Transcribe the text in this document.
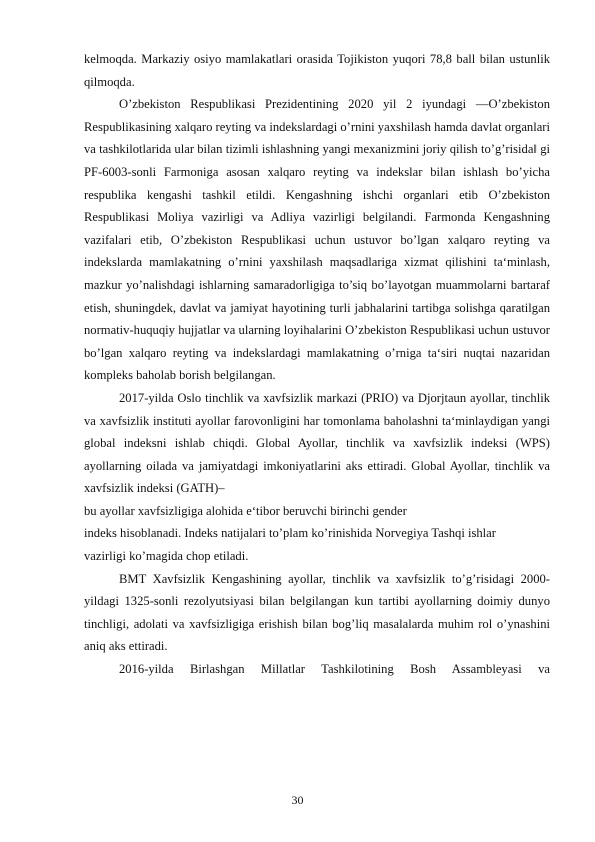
kelmoqda. Markaziy osiyo mamlakatlari orasida Tojikiston yuqori 78,8 ball bilan ustunlik qilmoqda.

O’zbekiston Respublikasi Prezidentining 2020 yil 2 iyundagi ―O’zbekiston Respublikasining xalqaro reyting va indekslardagi o’rnini yaxshilash hamda davlat organlari va tashkilotlarida ular bilan tizimli ishlashning yangi mexanizmini joriy qilish to’g’risida‖ gi PF-6003-sonli Farmoniga asosan xalqaro reyting va indekslar bilan ishlash bo’yicha respublika kengashi tashkil etildi. Kengashning ishchi organlari etib O’zbekiston Respublikasi Moliya vazirligi va Adliya vazirligi belgilandi. Farmonda Kengashning vazifalari etib, O’zbekiston Respublikasi uchun ustuvor bo’lgan xalqaro reyting va indekslarda mamlakatning o’rnini yaxshilash maqsadlariga xizmat qilishini ta‘minlash, mazkur yo’nalishdagi ishlarning samaradorligiga to’siq bo’layotgan muammolarni bartaraf etish, shuningdek, davlat va jamiyat hayotining turli jabhalarini tartibga solishga qaratilgan normativ-huquqiy hujjatlar va ularning loyihalarini O’zbekiston Respublikasi uchun ustuvor bo’lgan xalqaro reyting va indekslardagi mamlakatning o’rniga ta‘siri nuqtai nazaridan kompleks baholab borish belgilangan.

2017-yilda Oslo tinchlik va xavfsizlik markazi (PRIO) va Djorjtaun ayollar, tinchlik va xavfsizlik instituti ayollar farovonligini har tomonlama baholashni ta‘minlaydigan yangi global indeksni ishlab chiqdi. Global Ayollar, tinchlik va xavfsizlik indeksi (WPS) ayollarning oilada va jamiyatdagi imkoniyatlarini aks ettiradi. Global Ayollar, tinchlik va xavfsizlik indeksi (GATH)–

bu ayollar xavfsizligiga alohida e‘tibor beruvchi birinchi gender

indeks hisoblanadi. Indeks natijalari to’plam ko’rinishida Norvegiya Tashqi ishlar

vazirligi ko’magida chop etiladi.

BMT Xavfsizlik Kengashining ayollar, tinchlik va xavfsizlik to’g’risidagi 2000-yildagi 1325-sonli rezolyutsiyasi bilan belgilangan kun tartibi ayollarning doimiy dunyo tinchligi, adolati va xavfsizligiga erishish bilan bog’liq masalalarda muhim rol o’ynashini aniq aks ettiradi.

2016-yilda Birlashgan Millatlar Tashkilotining Bosh Assambleyasi va

30
